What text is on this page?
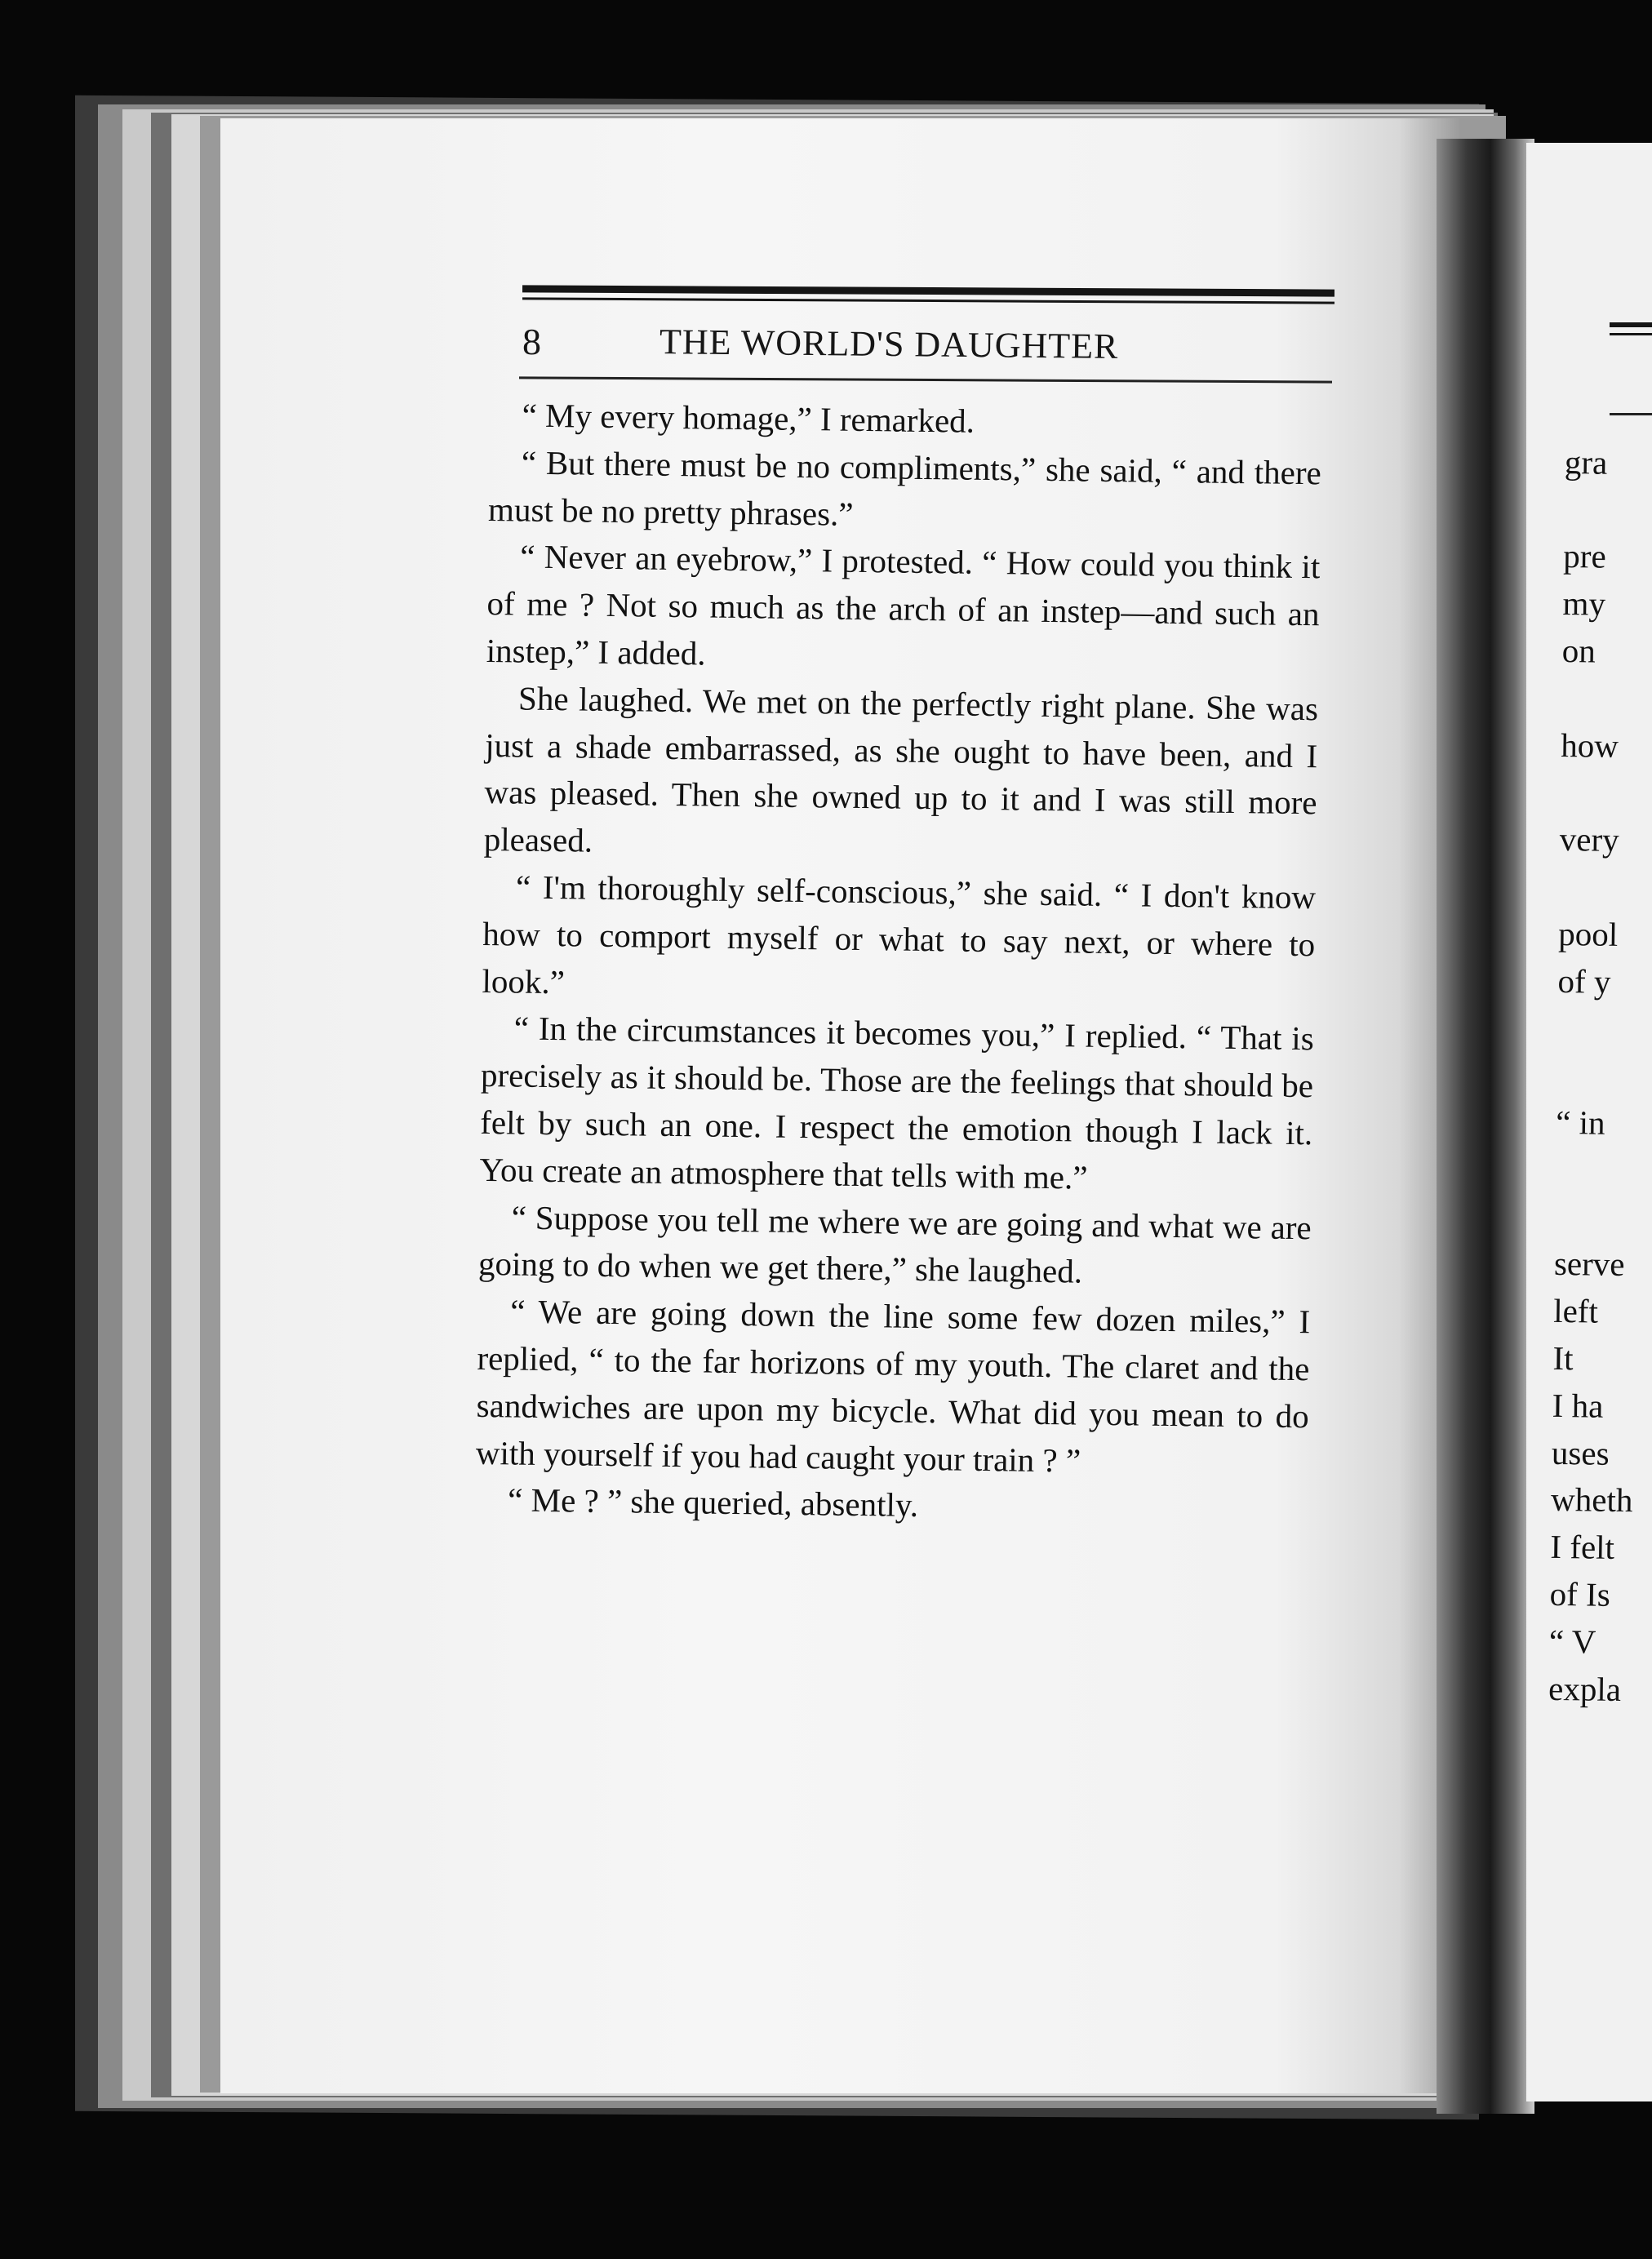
8	THE WORLD'S DAUGHTER

“ My every homage,” I remarked.

“ But there must be no compliments,” she said, “ and there must be no pretty phrases.”

“ Never an eyebrow,” I protested. “ How could you think it of me ? Not so much as the arch of an instep—and such an instep,” I added.

She laughed. We met on the perfectly right plane. She was just a shade embarrassed, as she ought to have been, and I was pleased. Then she owned up to it and I was still more pleased.

“ I'm thoroughly self-conscious,” she said. “ I don't know how to comport myself or what to say next, or where to look.”

“ In the circumstances it becomes you,” I replied. “ That is precisely as it should be. Those are the feelings that should be felt by such an one. I respect the emotion though I lack it. You create an atmosphere that tells with me.”

“ Suppose you tell me where we are going and what we are going to do when we get there,” she laughed.

“ We are going down the line some few dozen miles,” I replied, “ to the far horizons of my youth. The claret and the sandwiches are upon my bicycle. What did you mean to do with yourself if you had caught your train ? ”

“ Me ? ” she queried, absently.

gra

pre
my
on

how

very

pool
of y

“ in

serve
left
It
I ha
uses
wheth
I felt
of Is
“ V
expla
